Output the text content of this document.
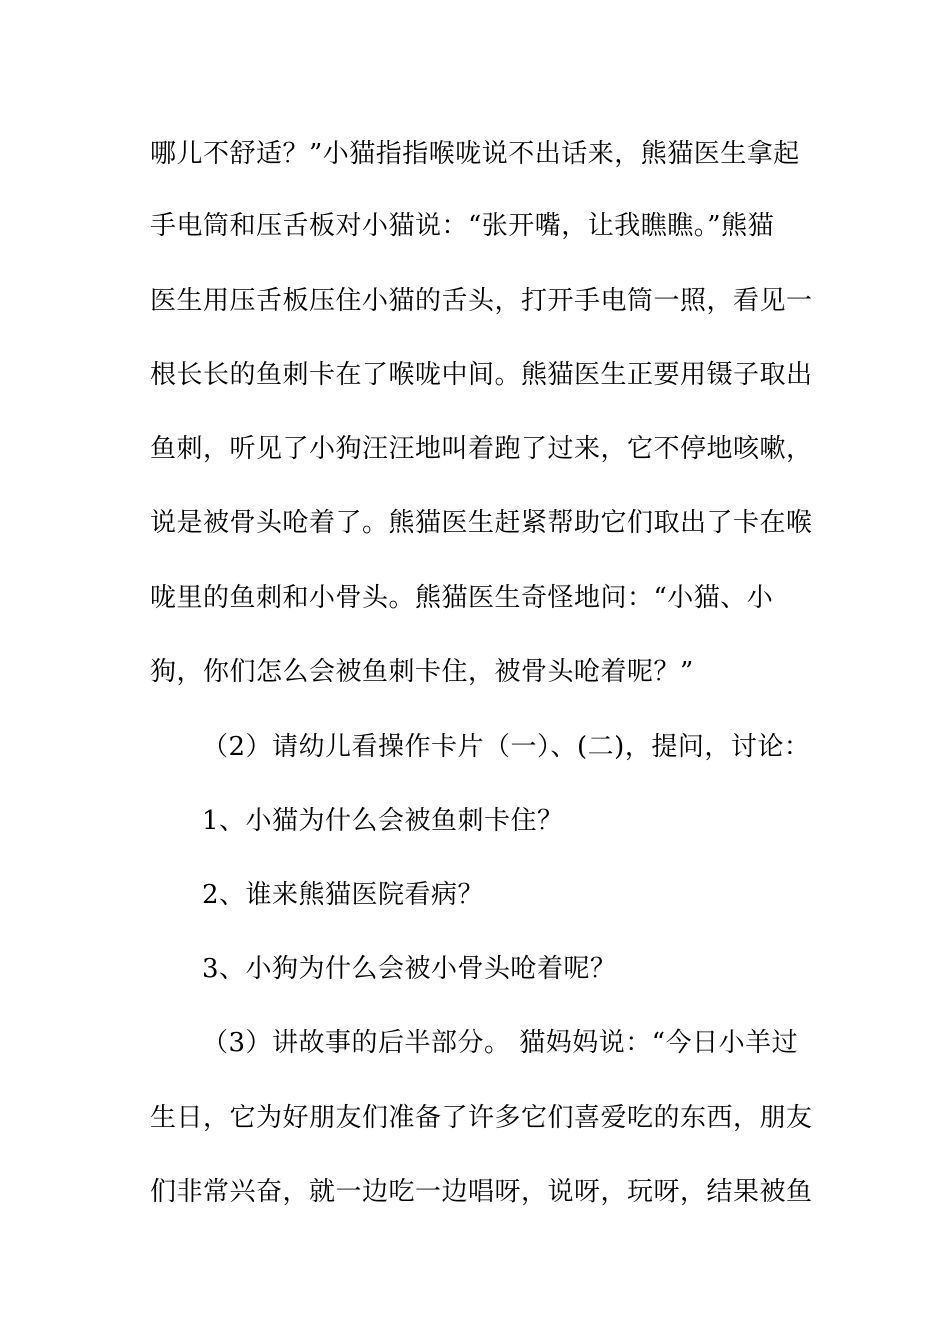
哪儿不舒适？”小猫指指喉咙说不出话来，熊猫医生拿起
手电筒和压舌板对小猫说：“张开嘴，让我瞧瞧。”熊猫
医生用压舌板压住小猫的舌头，打开手电筒一照，看见一
根长长的鱼刺卡在了喉咙中间。熊猫医生正要用镊子取出
鱼刺，听见了小狗汪汪地叫着跑了过来，它不停地咳嗽，
说是被骨头呛着了。熊猫医生赶紧帮助它们取出了卡在喉
咙里的鱼刺和小骨头。熊猫医生奇怪地问：“小猫、小
狗，你们怎么会被鱼刺卡住，被骨头呛着呢？”
（2）请幼儿看操作卡片（一）、(二)，提问，讨论：
1、小猫为什么会被鱼刺卡住？
2、谁来熊猫医院看病？
3、小狗为什么会被小骨头呛着呢？
（3）讲故事的后半部分。 猫妈妈说：“今日小羊过
生日，它为好朋友们准备了许多它们喜爱吃的东西，朋友
们非常兴奋，就一边吃一边唱呀，说呀，玩呀，结果被鱼
